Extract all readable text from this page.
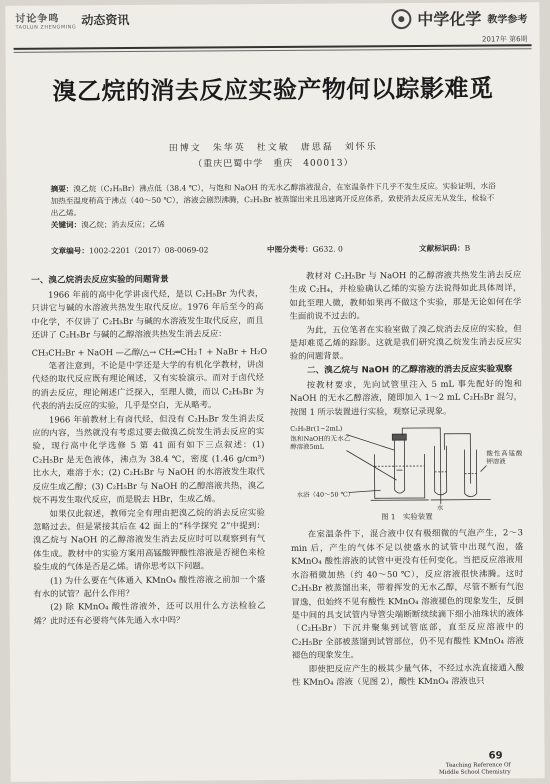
讨论争鸣
TAOLUN ZHENGMING
动态资讯	中学化学 教学参考
2017年 第6期
溴乙烷的消去反应实验产物何以踪影难觅
田博文　朱华英　杜文敏　唐思磊　刘怀乐
（重庆巴蜀中学　重庆　400013）
摘要：溴乙烷（C₂H₅Br）沸点低（38.4 ℃），与饱和 NaOH 的无水乙醇溶液混合，在室温条件下几乎不发生反应。实验证明，水浴加热至温度稍高于沸点（40～50 ℃），溶液会剧烈沸腾，C₂H₅Br 被蒸馏出来且迅速离开反应体系，致使消去反应无从发生，检验不出乙烯。
关键词：溴乙烷；消去反应；乙烯
文章编号：1002-2201（2017）08-0069-02	中图分类号：G632. 0	文献标识码：B
一、溴乙烷消去反应实验的问题背景

1966 年前的高中化学讲卤代烃，是以 C₂H₅Br 为代表，只讲它与碱的水溶液共热发生取代反应。1976 年后至今的高中化学，不仅讲了 C₂H₅Br 与碱的水溶液发生取代反应，而且还讲了 C₂H₅Br 与碱的乙醇溶液共热发生消去反应：

CH₃CH₂Br + NaOH —乙醇/△→ CH₂═CH₂↑ + NaBr + H₂O

笔者注意到，不论是中学还是大学的有机化学教材，讲卤代烃的取代反应既有理论阐述，又有实验演示。而对于卤代烃的消去反应，理论阐述广泛探入，至理人微，而以 C₂H₅Br 为代表的消去反应的实验，几乎是空白，无从略考。

1966 年前教材上有卤代烃，但没有 C₂H₅Br 发生消去反应的内容，当然就没有考虑过要去做溴乙烷发生消去反应的实验，现行高中化学选修 5 第 41 面有如下三点叙述：(1) C₂H₅Br 是无色液体，沸点为 38.4 ℃，密度 (1.46 g/cm³) 比水大，难溶于水；(2) C₂H₅Br 与 NaOH 的水溶液发生取代反应生成乙醇；(3) C₂H₅Br 与 NaOH 的乙醇溶液共热，溴乙烷不再发生取代反应，而是脱去 HBr，生成乙烯。

如果仅此叙述，教师完全有理由把溴乙烷的消去反应实验忽略过去。但是紧接其后在 42 面上的“科学探究 2”中提到：溴乙烷与 NaOH 的乙醇溶液发生消去反应时可以观察到有气体生成。教材中的实验方案用高锰酸钾酸性溶液是否褪色来检验生成的气体是否是乙烯。请你思考以下问题。

(1) 为什么要在气体通入 KMnO₄ 酸性溶液之前加一个盛有水的试管？起什么作用？

(2) 除 KMnO₄ 酸性溶液外，还可以用什么方法检验乙烯？此时还有必要将气体先通入水中吗？

教材对 C₂H₅Br 与 NaOH 的乙醇溶液共热发生消去反应生成 C₂H₄，并检验确认乙烯的实验方法说得如此具体周详，如此至理人微，教师如果再不做这个实验，那是无论如何在学生面前说不过去的。

为此，五位笔者在实验室做了溴乙烷消去反应的实验，但是却难觅乙烯的踪影。这就是我们研究溴乙烷发生消去反应实验的问题背景。

二、溴乙烷与 NaOH 的乙醇溶液的消去反应实验观察

按教材要求，先向试管里注入 5 mL 事先配好的饱和 NaOH 的无水乙醇溶液，随即加入 1～2 mL C₂H₅Br 混匀，按图 1 所示装置进行实验，观察记录现象。

C₂H₅Br(1~2mL)
饱和NaOH的无水乙醇溶液5mL
水浴（40～50 ℃）
水
酸性高锰酸钾溶液
图 1　实验装置

在室温条件下，混合液中仅有极细微的气泡产生，2～3 min 后，产生的气体不足以使盛水的试管中出现气泡，盛 KMnO₄ 酸性溶液的试管中更没有任何变化。当把反应溶液用水浴稍微加热（约 40～50 ℃），反应溶液很快沸腾。这时 C₂H₅Br 被蒸馏出来，带着挥发的无水乙醇，尽管不断有气泡冒逸，但始终不见有酸性 KMnO₄ 溶液褪色的现象发生，反倒是中间的具支试管内导管尖端断断续续滴下细小油珠状的液体（C₂H₅Br）下沉并聚集到试管底部，直至反应溶液中的 C₂H₅Br 全部被蒸馏到试管部位，仍不见有酸性 KMnO₄ 溶液褪色的现象发生。

即使把反应产生的极其少量气体，不经过水洗直接通入酸性 KMnO₄ 溶液（见图 2），酸性 KMnO₄ 溶液也只

69
Teaching Reference Of
Middle School Chemistry
